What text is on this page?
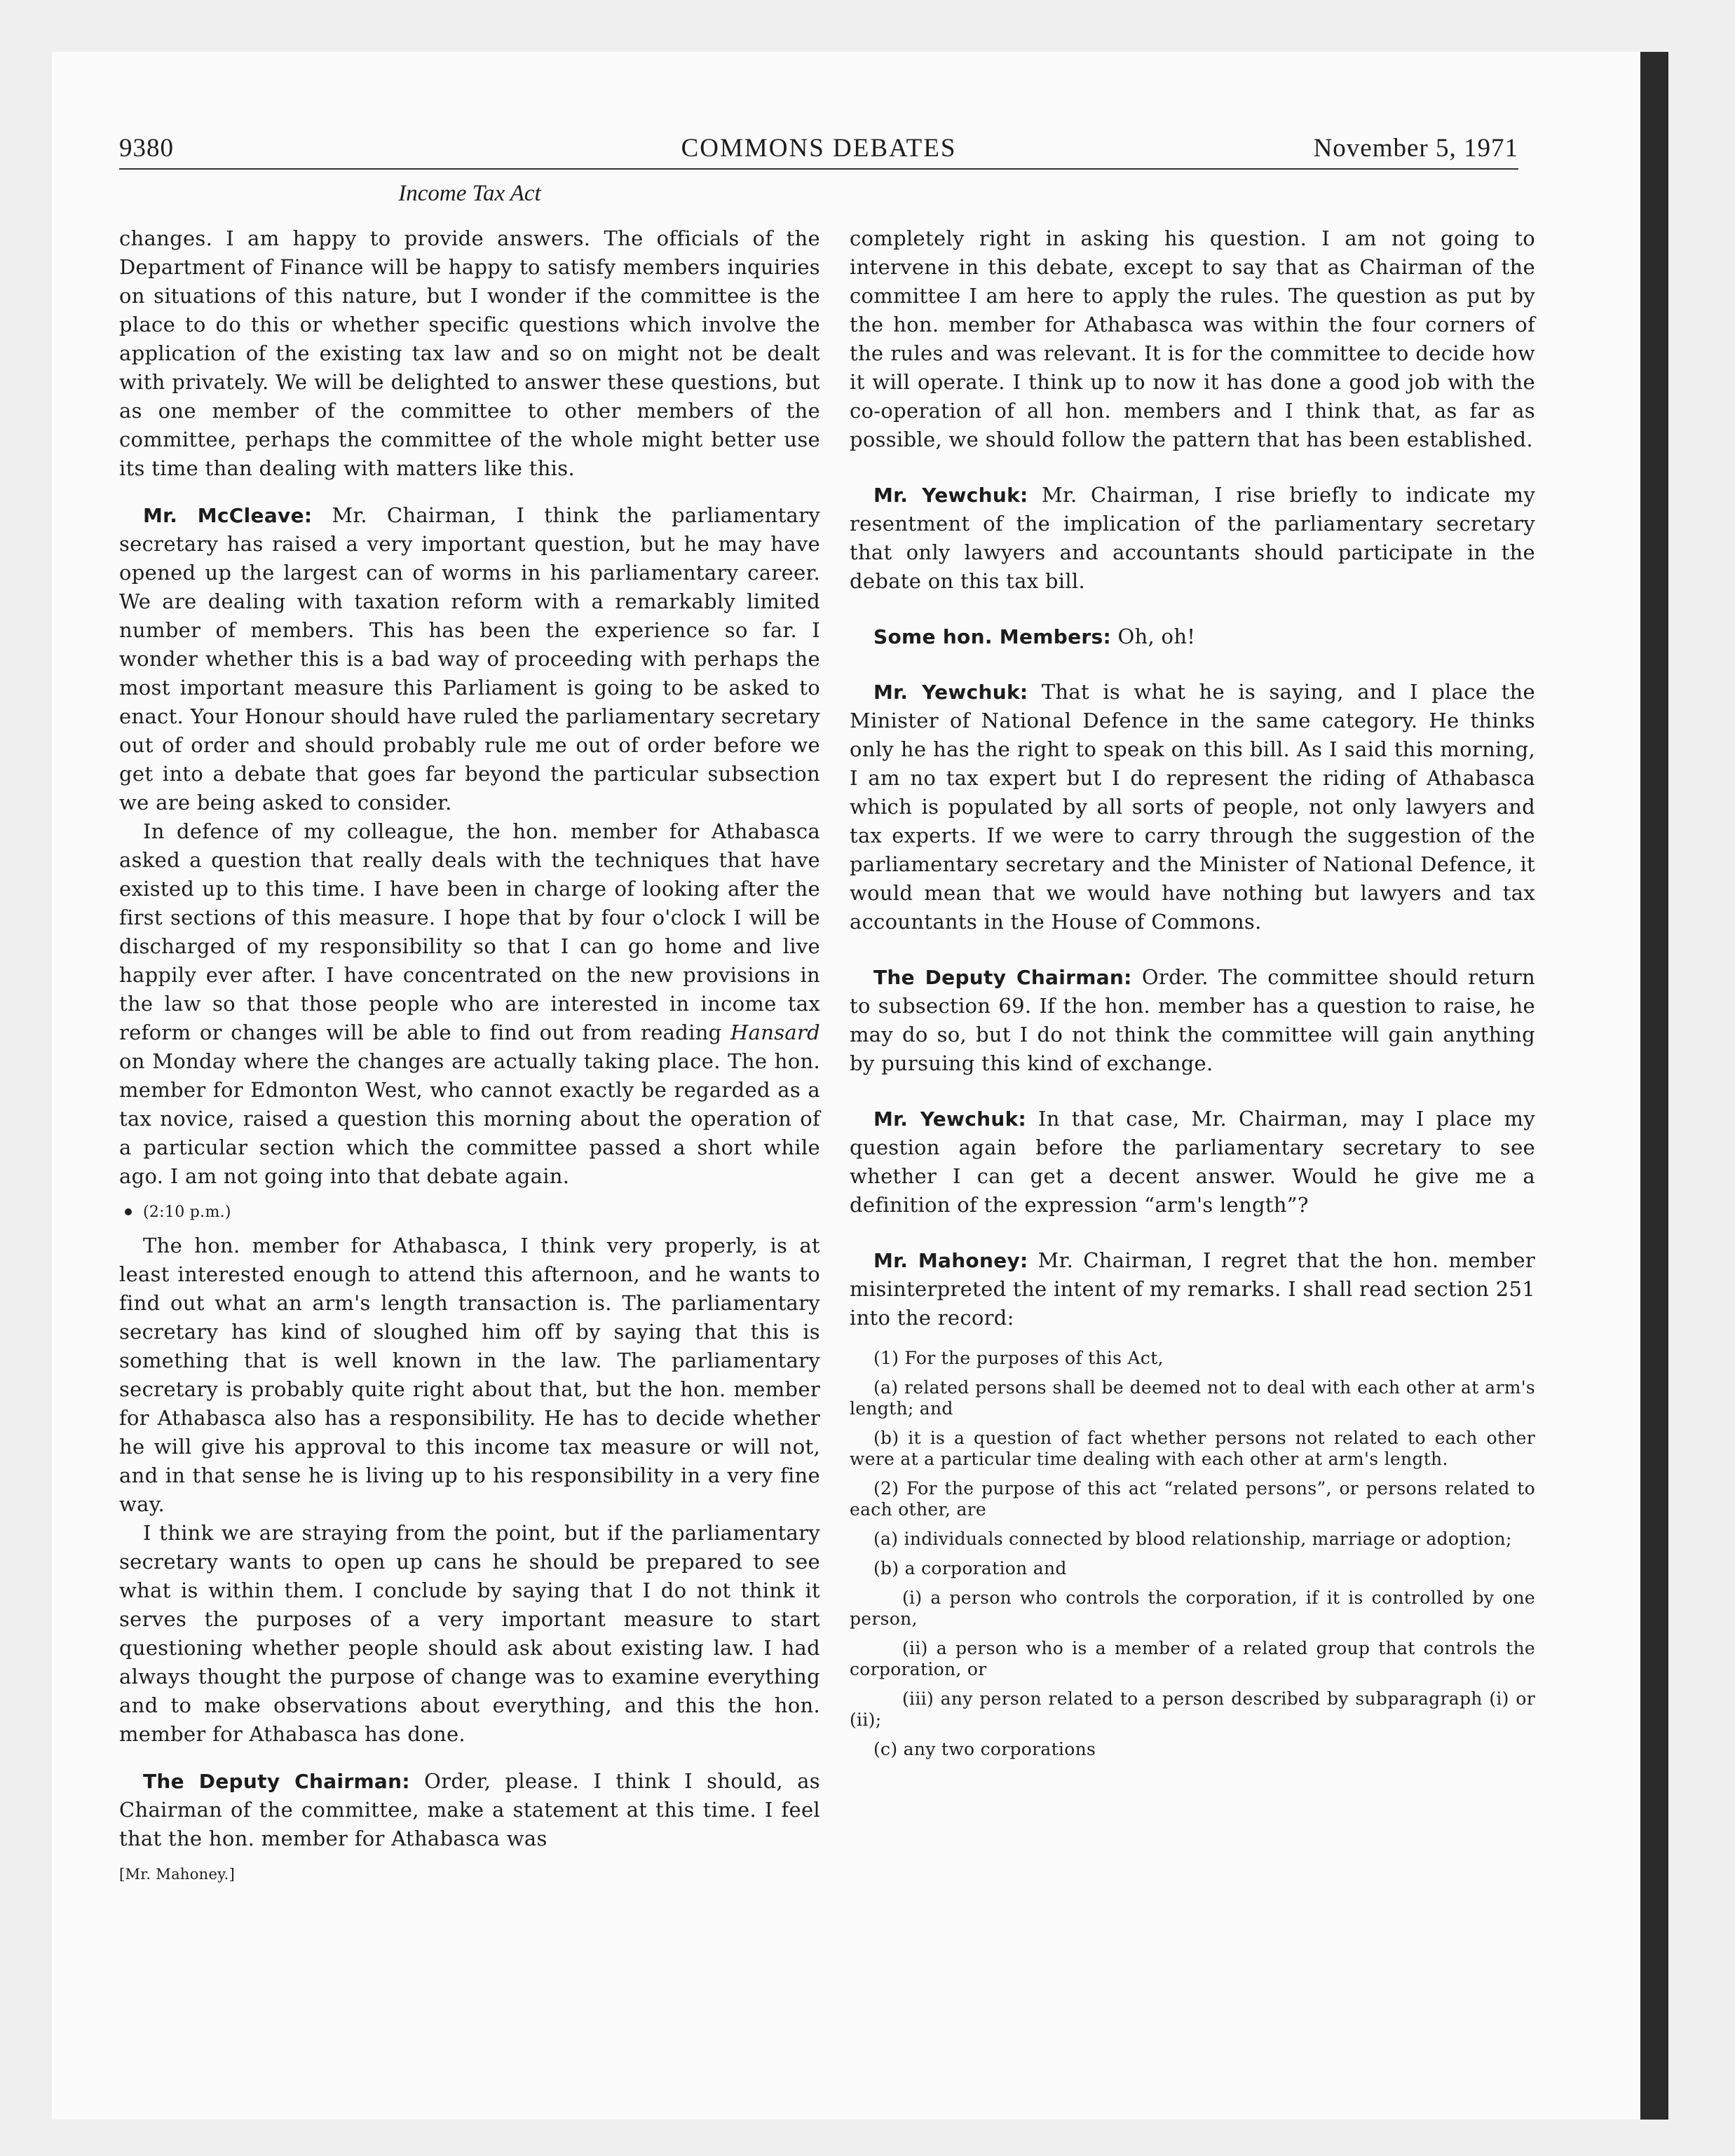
9380	COMMONS DEBATES	November 5, 1971
Income Tax Act

changes. I am happy to provide answers. The officials of the Department of Finance will be happy to satisfy members inquiries on situations of this nature, but I wonder if the committee is the place to do this or whether specific questions which involve the application of the existing tax law and so on might not be dealt with privately. We will be delighted to answer these questions, but as one member of the committee to other members of the committee, perhaps the committee of the whole might better use its time than dealing with matters like this.

Mr. McCleave: Mr. Chairman, I think the parliamentary secretary has raised a very important question, but he may have opened up the largest can of worms in his parliamentary career. We are dealing with taxation reform with a remarkably limited number of members. This has been the experience so far. I wonder whether this is a bad way of proceeding with perhaps the most important measure this Parliament is going to be asked to enact. Your Honour should have ruled the parliamentary secretary out of order and should probably rule me out of order before we get into a debate that goes far beyond the particular subsection we are being asked to consider.

In defence of my colleague, the hon. member for Athabasca asked a question that really deals with the techniques that have existed up to this time. I have been in charge of looking after the first sections of this measure. I hope that by four o'clock I will be discharged of my responsibility so that I can go home and live happily ever after. I have concentrated on the new provisions in the law so that those people who are interested in income tax reform or changes will be able to find out from reading Hansard on Monday where the changes are actually taking place. The hon. member for Edmonton West, who cannot exactly be regarded as a tax novice, raised a question this morning about the operation of a particular section which the committee passed a short while ago. I am not going into that debate again.

(2:10 p.m.)

The hon. member for Athabasca, I think very properly, is at least interested enough to attend this afternoon, and he wants to find out what an arm's length transaction is. The parliamentary secretary has kind of sloughed him off by saying that this is something that is well known in the law. The parliamentary secretary is probably quite right about that, but the hon. member for Athabasca also has a responsibility. He has to decide whether he will give his approval to this income tax measure or will not, and in that sense he is living up to his responsibility in a very fine way.

I think we are straying from the point, but if the parliamentary secretary wants to open up cans he should be prepared to see what is within them. I conclude by saying that I do not think it serves the purposes of a very important measure to start questioning whether people should ask about existing law. I had always thought the purpose of change was to examine everything and to make observations about everything, and this the hon. member for Athabasca has done.

The Deputy Chairman: Order, please. I think I should, as Chairman of the committee, make a statement at this time. I feel that the hon. member for Athabasca was

[Mr. Mahoney.]

completely right in asking his question. I am not going to intervene in this debate, except to say that as Chairman of the committee I am here to apply the rules. The question as put by the hon. member for Athabasca was within the four corners of the rules and was relevant. It is for the committee to decide how it will operate. I think up to now it has done a good job with the co-operation of all hon. members and I think that, as far as possible, we should follow the pattern that has been established.

Mr. Yewchuk: Mr. Chairman, I rise briefly to indicate my resentment of the implication of the parliamentary secretary that only lawyers and accountants should participate in the debate on this tax bill.

Some hon. Members: Oh, oh!

Mr. Yewchuk: That is what he is saying, and I place the Minister of National Defence in the same category. He thinks only he has the right to speak on this bill. As I said this morning, I am no tax expert but I do represent the riding of Athabasca which is populated by all sorts of people, not only lawyers and tax experts. If we were to carry through the suggestion of the parliamentary secretary and the Minister of National Defence, it would mean that we would have nothing but lawyers and tax accountants in the House of Commons.

The Deputy Chairman: Order. The committee should return to subsection 69. If the hon. member has a question to raise, he may do so, but I do not think the committee will gain anything by pursuing this kind of exchange.

Mr. Yewchuk: In that case, Mr. Chairman, may I place my question again before the parliamentary secretary to see whether I can get a decent answer. Would he give me a definition of the expression “arm's length”?

Mr. Mahoney: Mr. Chairman, I regret that the hon. member misinterpreted the intent of my remarks. I shall read section 251 into the record:

(1) For the purposes of this Act,

(a) related persons shall be deemed not to deal with each other at arm's length; and

(b) it is a question of fact whether persons not related to each other were at a particular time dealing with each other at arm's length.

(2) For the purpose of this act “related persons”, or persons related to each other, are

(a) individuals connected by blood relationship, marriage or adoption;

(b) a corporation and

(i) a person who controls the corporation, if it is controlled by one person,

(ii) a person who is a member of a related group that controls the corporation, or

(iii) any person related to a person described by subparagraph (i) or (ii);

(c) any two corporations
